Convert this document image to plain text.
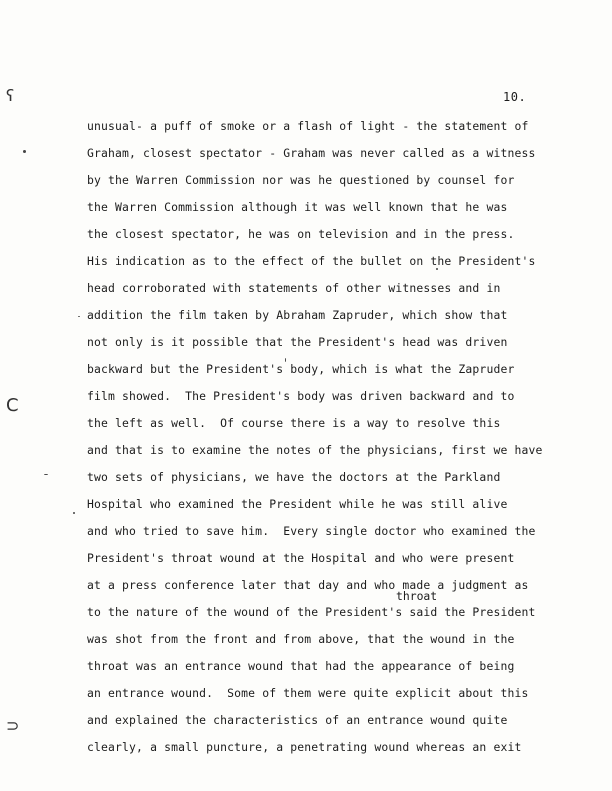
ʕ
C
⊃
10.
throat
unusual- a puff of smoke or a flash of light - the statement of
Graham, closest spectator - Graham was never called as a witness
by the Warren Commission nor was he questioned by counsel for
the Warren Commission although it was well known that he was
the closest spectator, he was on television and in the press.
His indication as to the effect of the bullet on the President's
head corroborated with statements of other witnesses and in
addition the film taken by Abraham Zapruder, which show that
not only is it possible that the President's head was driven
backward but the President's body, which is what the Zapruder
film showed.  The President's body was driven backward and to
the left as well.  Of course there is a way to resolve this
and that is to examine the notes of the physicians, first we have
two sets of physicians, we have the doctors at the Parkland
Hospital who examined the President while he was still alive
and who tried to save him.  Every single doctor who examined the
President's throat wound at the Hospital and who were present
at a press conference later that day and who made a judgment as
to the nature of the wound of the President's said the President
was shot from the front and from above, that the wound in the
throat was an entrance wound that had the appearance of being
an entrance wound.  Some of them were quite explicit about this
and explained the characteristics of an entrance wound quite
clearly, a small puncture, a penetrating wound whereas an exit
